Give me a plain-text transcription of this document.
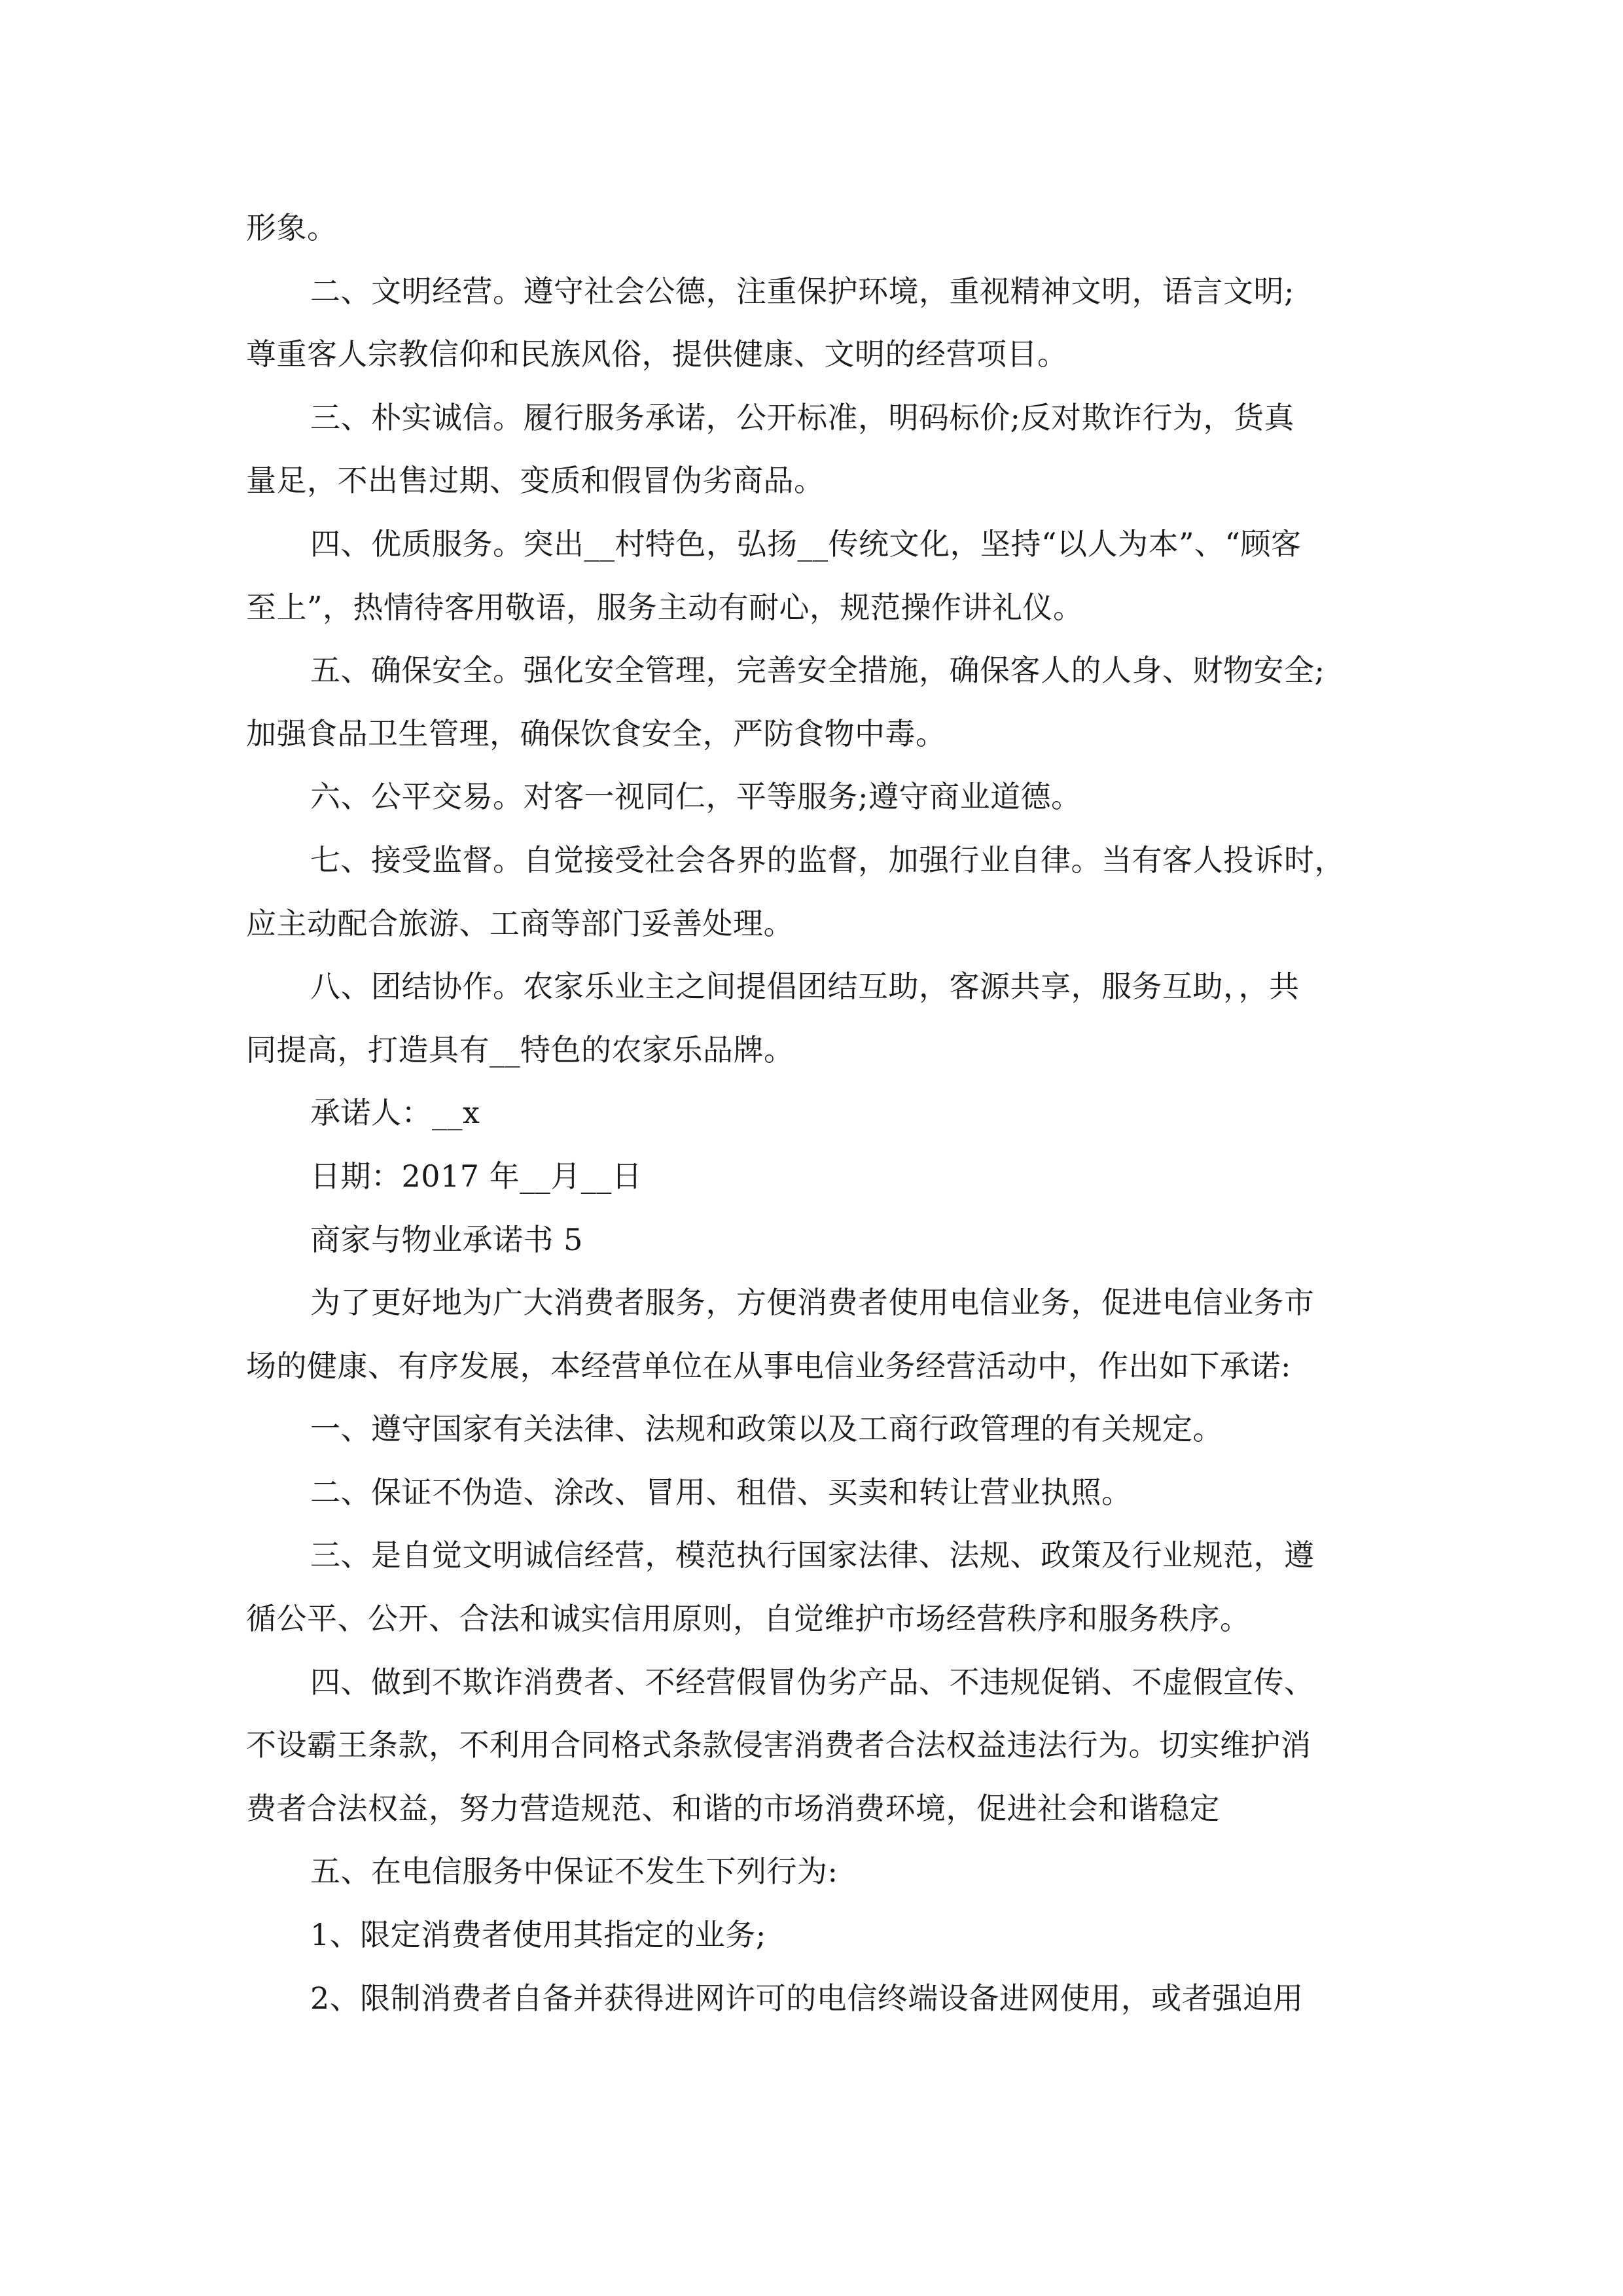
形象。
二、文明经营。遵守社会公德，注重保护环境，重视精神文明，语言文明;
尊重客人宗教信仰和民族风俗，提供健康、文明的经营项目。
三、朴实诚信。履行服务承诺，公开标准，明码标价;反对欺诈行为，货真
量足，不出售过期、变质和假冒伪劣商品。
四、优质服务。突出__村特色，弘扬__传统文化，坚持“以人为本”、“顾客
至上”，热情待客用敬语，服务主动有耐心，规范操作讲礼仪。
五、确保安全。强化安全管理，完善安全措施，确保客人的人身、财物安全;
加强食品卫生管理，确保饮食安全，严防食物中毒。
六、公平交易。对客一视同仁，平等服务;遵守商业道德。
七、接受监督。自觉接受社会各界的监督，加强行业自律。当有客人投诉时，
应主动配合旅游、工商等部门妥善处理。
八、团结协作。农家乐业主之间提倡团结互助，客源共享，服务互助，，共
同提高，打造具有__特色的农家乐品牌。
承诺人：__x
日期：2017 年__月__日
商家与物业承诺书 5
为了更好地为广大消费者服务，方便消费者使用电信业务，促进电信业务市
场的健康、有序发展，本经营单位在从事电信业务经营活动中，作出如下承诺:
一、遵守国家有关法律、法规和政策以及工商行政管理的有关规定。
二、保证不伪造、涂改、冒用、租借、买卖和转让营业执照。
三、是自觉文明诚信经营，模范执行国家法律、法规、政策及行业规范，遵
循公平、公开、合法和诚实信用原则，自觉维护市场经营秩序和服务秩序。
四、做到不欺诈消费者、不经营假冒伪劣产品、不违规促销、不虚假宣传、
不设霸王条款，不利用合同格式条款侵害消费者合法权益违法行为。切实维护消
费者合法权益，努力营造规范、和谐的市场消费环境，促进社会和谐稳定
五、在电信服务中保证不发生下列行为:
1、限定消费者使用其指定的业务;
2、限制消费者自备并获得进网许可的电信终端设备进网使用，或者强迫用
